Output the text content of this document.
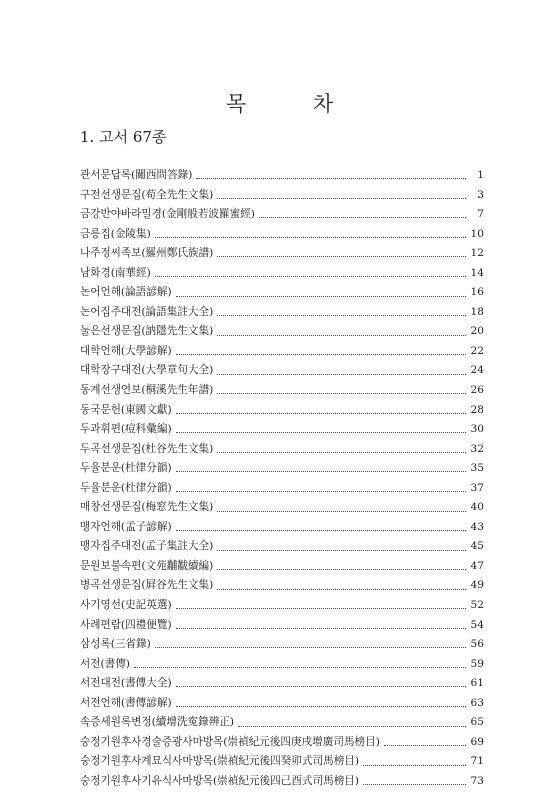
목 차
1. 고서 67종
관서문답록(關西問答錄)	1
구전선생문집(苟全先生文集)	3
금강반야바라밀경(金剛般若波羅蜜經)	7
금릉집(金陵集)	10
나주정씨족보(羅州鄭氏族譜)	12
남화경(南華經)	14
논어언해(論語諺解)	16
논어집주대전(論語集註大全)	18
눌은선생문집(訥隱先生文集)	20
대학언해(大學諺解)	22
대학장구대전(大學章句大全)	24
동계선생연보(桐溪先生年譜)	26
동국문헌(東國文獻)	28
두과휘편(痘科彙編)	30
두곡선생문집(杜谷先生文集)	32
두율분운(杜律分韻)	35
두율분운(杜律分韻)	37
매창선생문집(梅窓先生文集)	40
맹자언해(孟子諺解)	43
맹자집주대전(孟子集註大全)	45
문원보불속편(文苑黼黻續編)	47
병곡선생문집(屛谷先生文集)	49
사기영선(史記英選)	52
사례편람(四禮便覽)	54
삼성록(三省錄)	56
서전(書傳)	59
서전대전(書傳大全)	61
서전언해(書傳諺解)	63
속증세원록변정(續增洗寃錄辨正)	65
숭정기원후사경술증광사마방목(崇禎紀元後四庚戌增廣司馬榜目)	69
숭정기원후사계묘식사마방목(崇禎紀元後四癸卯式司馬榜目)	71
숭정기원후사기유식사마방목(崇禎紀元後四己酉式司馬榜目)	73
